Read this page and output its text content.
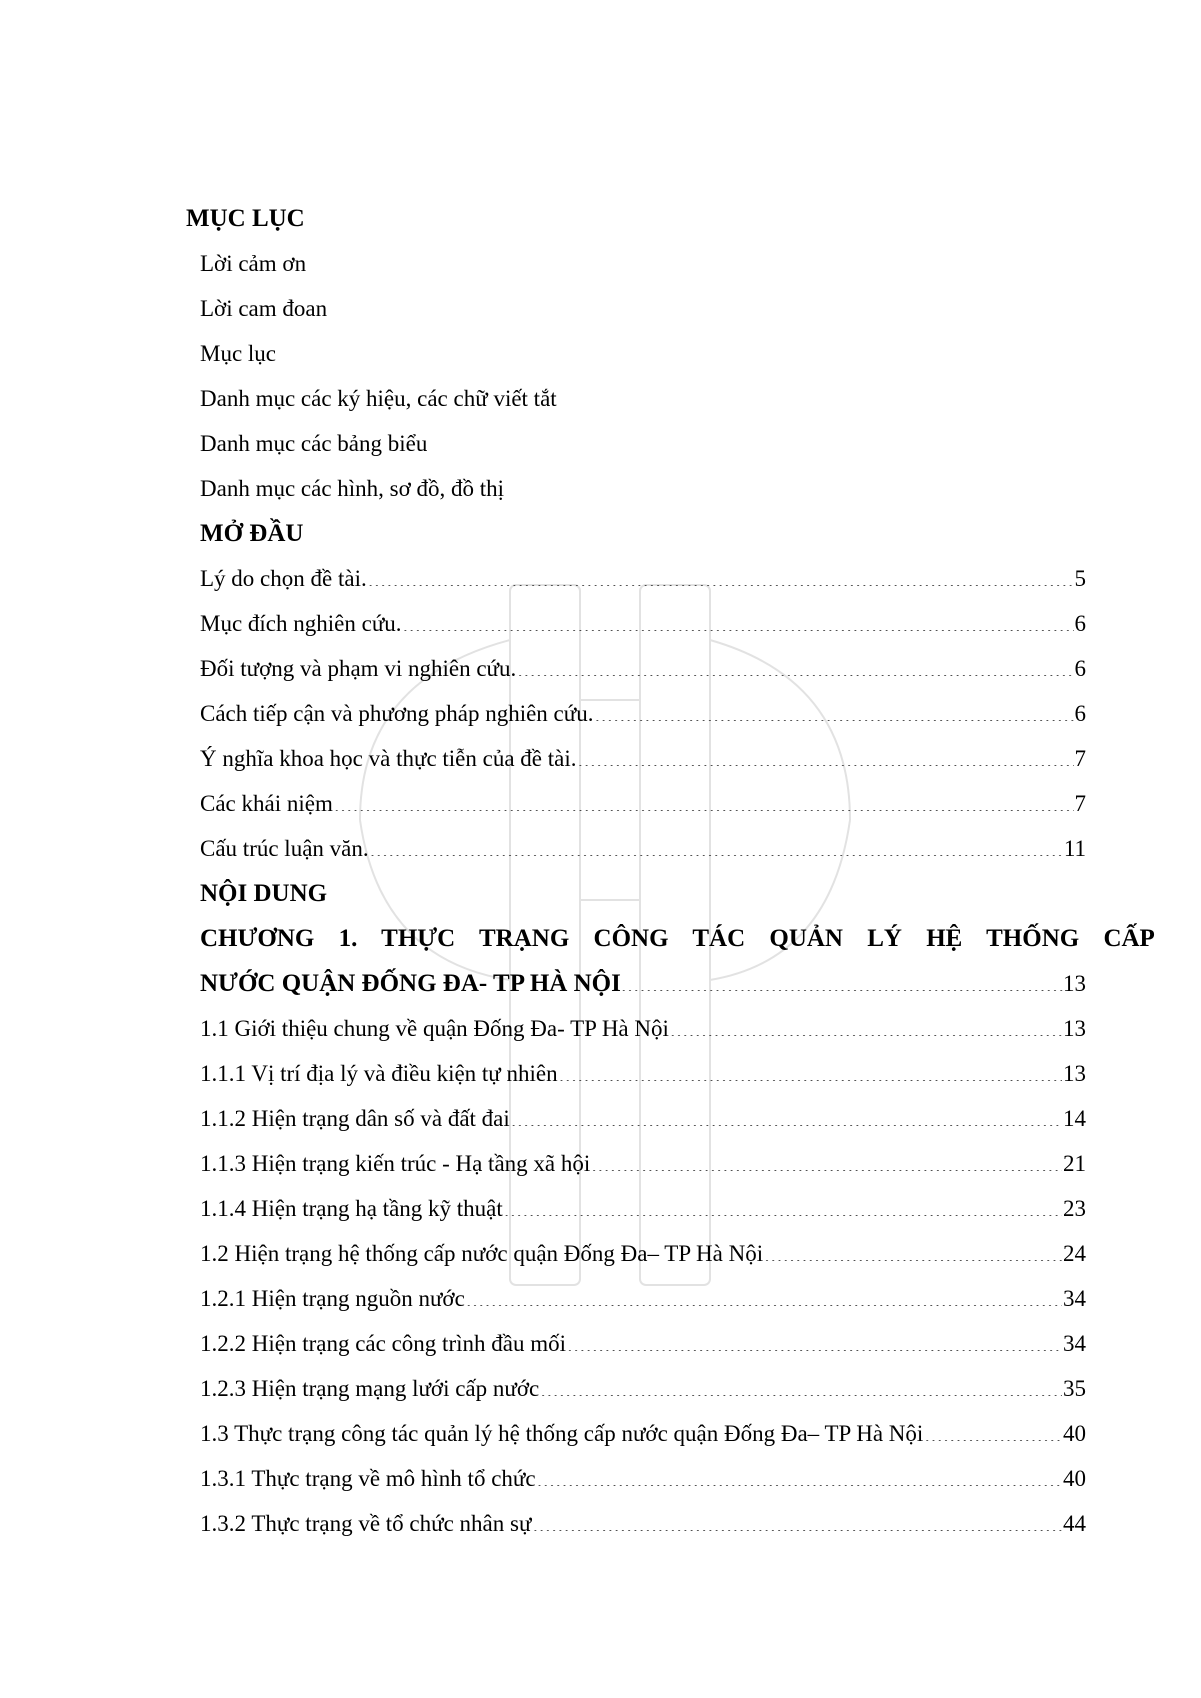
MỤC LỤC
Lời cảm ơn
Lời cam đoan
Mục lục
Danh mục các ký hiệu, các chữ viết tắt
Danh mục các bảng biểu
Danh mục các hình, sơ đồ, đồ thị
MỞ ĐẦU
Lý do chọn đề tài. .....	5
Mục đích nghiên cứu. .....	6
Đối tượng và phạm vi nghiên cứu. .....	6
Cách tiếp cận và phương pháp nghiên cứu. .....	6
Ý nghĩa khoa học và thực tiễn của đề tài. .....	7
Các khái niệm .....	7
Cấu trúc luận văn. .....	11
NỘI DUNG
CHƯƠNG 1. THỰC TRẠNG CÔNG TÁC QUẢN LÝ HỆ THỐNG CẤP
NƯỚC QUẬN ĐỐNG ĐA- TP HÀ NỘI .....	13
1.1 Giới thiệu chung về quận Đống Đa- TP Hà Nội .....	13
1.1.1 Vị trí địa lý và điều kiện tự nhiên .....	13
1.1.2 Hiện trạng dân số và đất đai .....	14
1.1.3 Hiện trạng kiến trúc - Hạ tầng xã hội .....	21
1.1.4 Hiện trạng hạ tầng kỹ thuật .....	23
1.2 Hiện trạng hệ thống cấp nước quận Đống Đa– TP Hà Nội .....	24
1.2.1 Hiện trạng nguồn nước .....	34
1.2.2 Hiện trạng các công trình đầu mối .....	34
1.2.3 Hiện trạng mạng lưới cấp nước .....	35
1.3 Thực trạng công tác quản lý hệ thống cấp nước quận Đống Đa– TP Hà Nội .....	40
1.3.1 Thực trạng về mô hình tổ chức .....	40
1.3.2 Thực trạng về tổ chức nhân sự .....	44
